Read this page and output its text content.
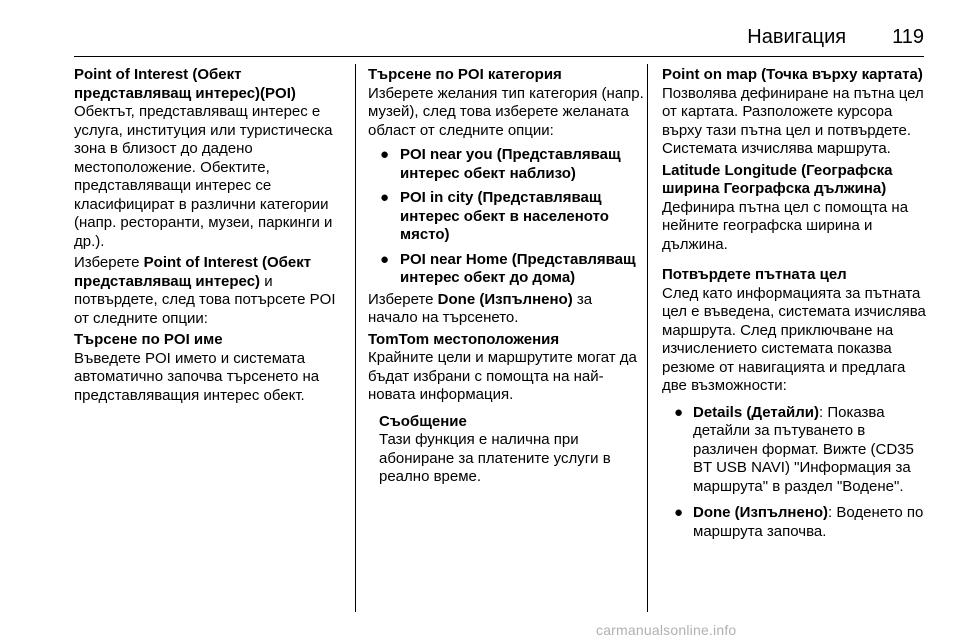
Навигация 119

Point of Interest (Обект представляващ интерес)(POI)

Обектът, представляващ интерес е услуга, институция или туристическа зона в близост до дадено местоположение. Обектите, представляващи интерес се класифицират в различни категории (напр. ресторанти, музеи, паркинги и др.).

Изберете Point of Interest (Обект представляващ интерес) и потвърдете, след това потърсете POI от следните опции:

Търсене по POI име

Въведете POI името и системата автоматично започва търсенето на представляващия интерес обект.

Търсене по POI категория

Изберете желания тип категория (напр. музей), след това изберете желаната област от следните опции:

● POI near you (Представляващ интерес обект наблизо)
● POI in city (Представляващ интерес обект в населеното място)
● POI near Home (Представляващ интерес обект до дома)

Изберете Done (Изпълнено) за начало на търсенето.

TomTom местоположения

Крайните цели и маршрутите могат да бъдат избрани с помощта на най-новата информация.

Съобщение

Тази функция е налична при абониране за платените услуги в реално време.

Point on map (Точка върху картата)

Позволява дефиниране на пътна цел от картата. Разположете курсора върху тази пътна цел и потвърдете. Системата изчислява маршрута.

Latitude Longitude (Географска ширина Географска дължина)

Дефинира пътна цел с помощта на нейните географска ширина и дължина.

Потвърдете пътната цел

След като информацията за пътната цел е въведена, системата изчислява маршрута. След приключване на изчислението системата показва резюме от навигацията и предлага две възможности:

● Details (Детайли): Показва детайли за пътуването в различен формат. Вижте (CD35 BT USB NAVI) "Информация за маршрута" в раздел "Водене".
● Done (Изпълнено): Воденето по маршрута започва.
carmanualsonline.info
